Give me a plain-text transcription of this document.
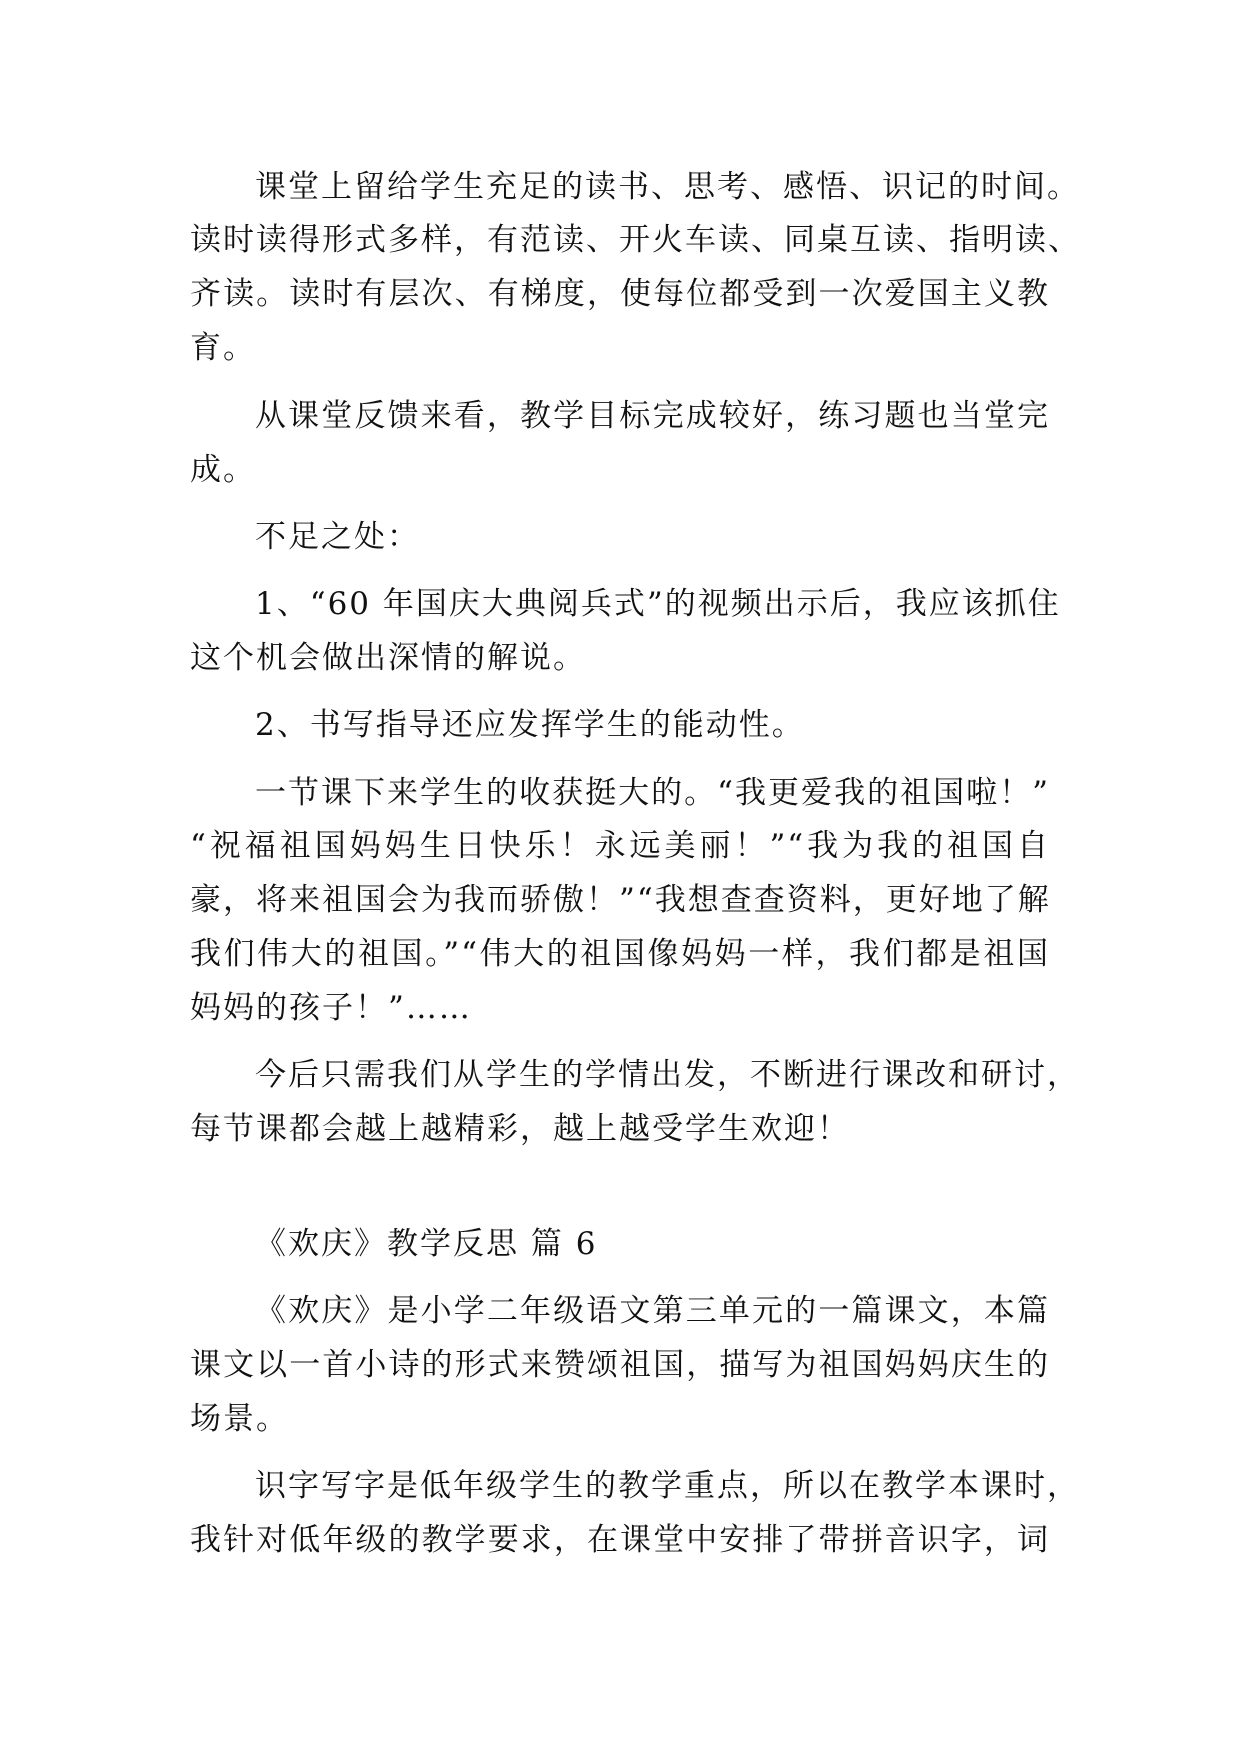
课堂上留给学生充足的读书、思考、感悟、识记的时间。

读时读得形式多样，有范读、开火车读、同桌互读、指明读、

齐读。读时有层次、有梯度，使每位都受到一次爱国主义教

育。

从课堂反馈来看，教学目标完成较好，练习题也当堂完

成。

不足之处：

1、“60 年国庆大典阅兵式”的视频出示后，我应该抓住

这个机会做出深情的解说。

2、书写指导还应发挥学生的能动性。

一节课下来学生的收获挺大的。“我更爱我的祖国啦！”

“祝福祖国妈妈生日快乐！永远美丽！”“我为我的祖国自

豪，将来祖国会为我而骄傲！”“我想查查资料，更好地了解

我们伟大的祖国。”“伟大的祖国像妈妈一样，我们都是祖国

妈妈的孩子！”……

今后只需我们从学生的学情出发，不断进行课改和研讨，

每节课都会越上越精彩，越上越受学生欢迎！

《欢庆》教学反思 篇 6

《欢庆》是小学二年级语文第三单元的一篇课文，本篇

课文以一首小诗的形式来赞颂祖国，描写为祖国妈妈庆生的

场景。

识字写字是低年级学生的教学重点，所以在教学本课时，

我针对低年级的教学要求，在课堂中安排了带拼音识字，词
